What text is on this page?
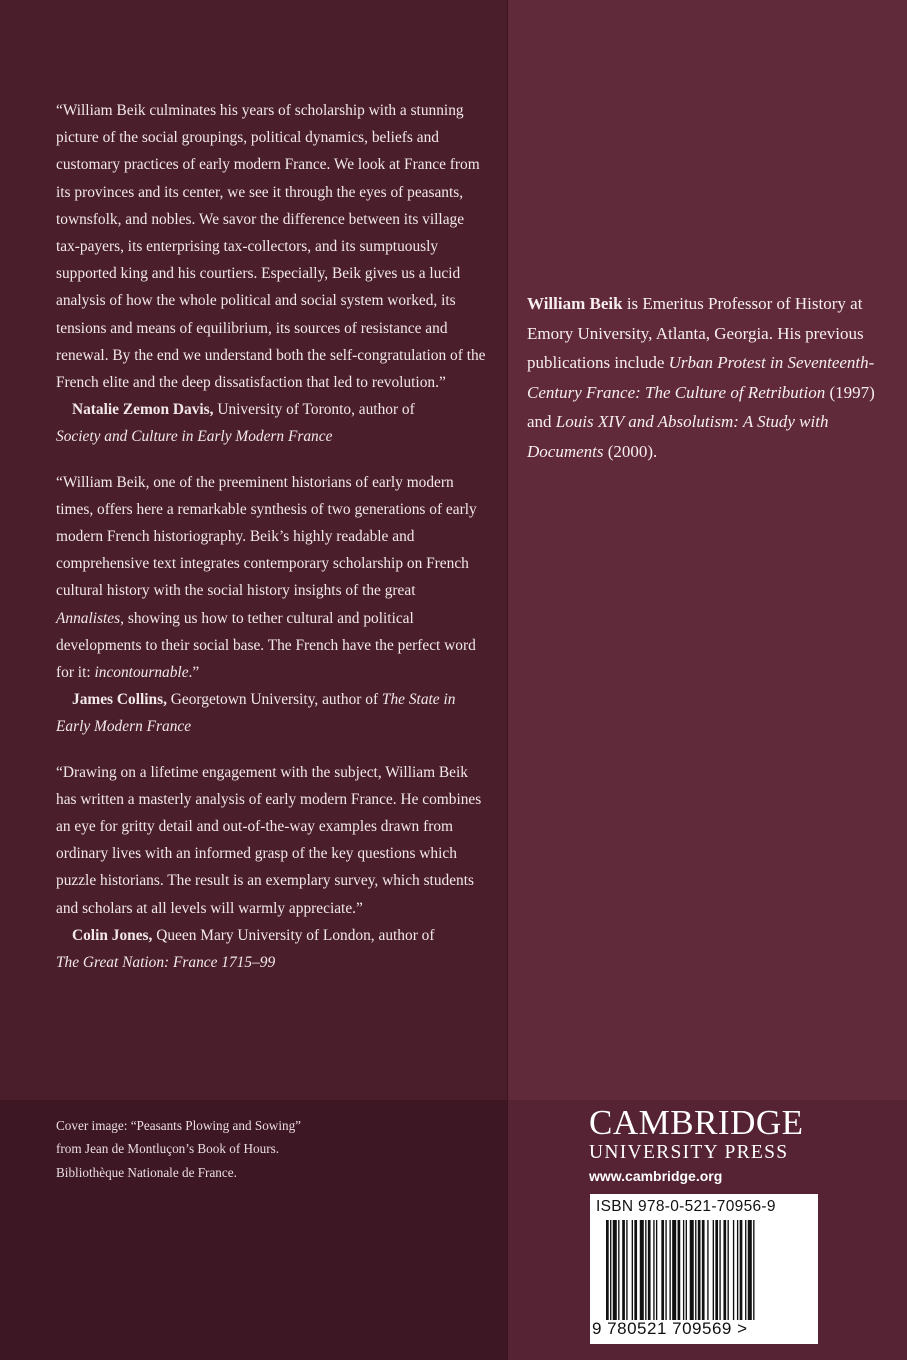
“William Beik culminates his years of scholarship with a stunning picture of the social groupings, political dynamics, beliefs and customary practices of early modern France. We look at France from its provinces and its center, we see it through the eyes of peasants, townsfolk, and nobles. We savor the difference between its village tax-payers, its enterprising tax-collectors, and its sumptuously supported king and his courtiers. Especially, Beik gives us a lucid analysis of how the whole political and social system worked, its tensions and means of equilibrium, its sources of resistance and renewal. By the end we understand both the self-congratulation of the French elite and the deep dissatisfaction that led to revolution.”

Natalie Zemon Davis, University of Toronto, author of
Society and Culture in Early Modern France

“William Beik, one of the preeminent historians of early modern times, offers here a remarkable synthesis of two generations of early modern French historiography. Beik’s highly readable and comprehensive text integrates contemporary scholarship on French cultural history with the social history insights of the great Annalistes, showing us how to tether cultural and political developments to their social base. The French have the perfect word for it: incontournable.”

James Collins, Georgetown University, author of The State in Early Modern France

“Drawing on a lifetime engagement with the subject, William Beik has written a masterly analysis of early modern France. He combines an eye for gritty detail and out-of-the-way examples drawn from ordinary lives with an informed grasp of the key questions which puzzle historians. The result is an exemplary survey, which students and scholars at all levels will warmly appreciate.”

Colin Jones, Queen Mary University of London, author of
The Great Nation: France 1715–99

William Beik is Emeritus Professor of History at Emory University, Atlanta, Georgia. His previous publications include Urban Protest in Seventeenth-Century France: The Culture of Retribution (1997) and Louis XIV and Absolutism: A Study with Documents (2000).
Cover image: “Peasants Plowing and Sowing”
from Jean de Montluçon’s Book of Hours.
Bibliothèque Nationale de France.
CAMBRIDGE
UNIVERSITY PRESS
www.cambridge.org
ISBN 978-0-521-70956-9
9 780521 709569 >
